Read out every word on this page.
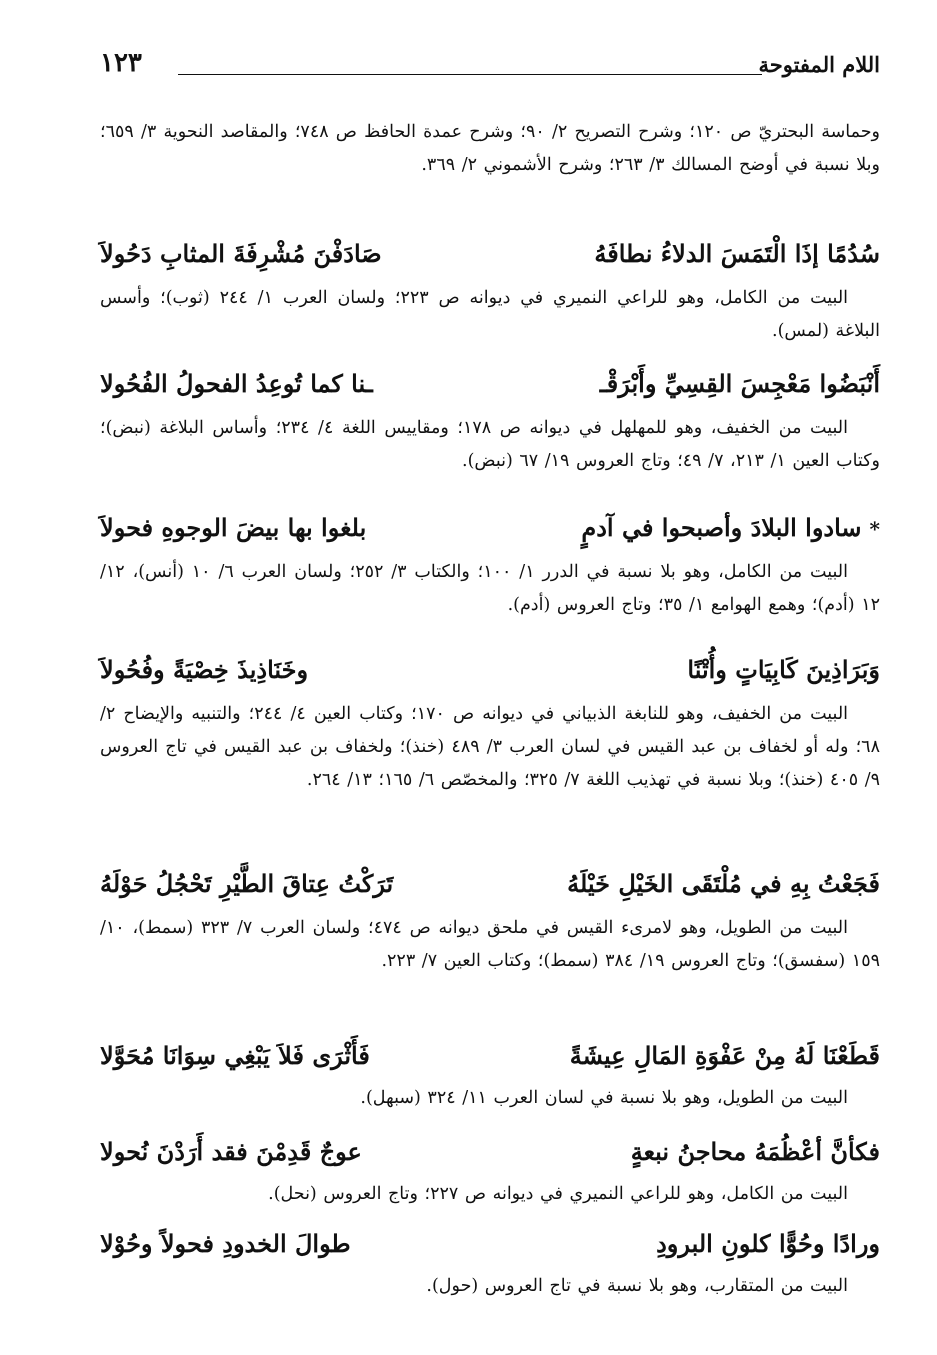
اللام المفتوحة
١٢٣

وحماسة البحتريّ ص ١٢٠؛ وشرح التصريح ٢/ ٩٠؛ وشرح عمدة الحافظ ص ٧٤٨؛ والمقاصد النحوية ٣/ ٦٥٩؛ وبلا نسبة في أوضح المسالك ٣/ ٢٦٣؛ وشرح الأشموني ٢/ ٣٦٩.

سُدُمًا إذَا الْتَمَسَ الدلاءُ نطافَهُ
صَادَفْنَ مُشْرِفَةَ المثابِ دَحُولاَ

البيت من الكامل، وهو للراعي النميري في ديوانه ص ٢٢٣؛ ولسان العرب ١/ ٢٤٤ (ثوب)؛ وأسس البلاغة (لمس).

أَنْبَضُوا مَعْجِسَ القِسِيِّ وأَبْرَقْـ
ـنا كما تُوعِدُ الفحولُ الفُحُولا

البيت من الخفيف، وهو للمهلهل في ديوانه ص ١٧٨؛ ومقاييس اللغة ٤/ ٢٣٤؛ وأساس البلاغة (نبض)؛ وكتاب العين ١/ ٢١٣، ٧/ ٤٩؛ وتاج العروس ١٩/ ٦٧ (نبض).

*سادوا البلادَ وأصبحوا في آدمٍ
بلغوا بها بيضَ الوجوهِ فحولاَ

البيت من الكامل، وهو بلا نسبة في الدرر ١/ ١٠٠؛ والكتاب ٣/ ٢٥٢؛ ولسان العرب ٦/ ١٠ (أنس)، ١٢/ ١٢ (أدم)؛ وهمع الهوامع ١/ ٣٥؛ وتاج العروس (أدم).

وَبَرَاذِينَ كَابِيَاتٍ وأُتْنًا
وخَنَاذِيذَ خِصْيَةً وفُحُولاَ

البيت من الخفيف، وهو للنابغة الذبياني في ديوانه ص ١٧٠؛ وكتاب العين ٤/ ٢٤٤؛ والتنبيه والإيضاح ٢/ ٦٨؛ وله أو لخفاف بن عبد القيس في لسان العرب ٣/ ٤٨٩ (خنذ)؛ ولخفاف بن عبد القيس في تاج العروس ٩/ ٤٠٥ (خنذ)؛ وبلا نسبة في تهذيب اللغة ٧/ ٣٢٥؛ والمخصّص ٦/ ١٦٥؛ ١٣/ ٢٦٤.

فَجَعْتُ بِهِ في مُلْتَقَى الخَيْلِ خَيْلَهُ
تَرَكْتُ عِتاقَ الطَّيْرِ تَحْجُلُ حَوْلَهُ

البيت من الطويل، وهو لامرىء القيس في ملحق ديوانه ص ٤٧٤؛ ولسان العرب ٧/ ٣٢٣ (سمط)، ١٠/ ١٥٩ (سفسق)؛ وتاج العروس ١٩/ ٣٨٤ (سمط)؛ وكتاب العين ٧/ ٢٢٣.

قَطَعْنَا لَهُ مِنْ عَفْوَةِ المَالِ عِيشَةً
فَأَثْرَى فَلاَ يَبْغِي سِوَانَا مُحَوَّلا

البيت من الطويل، وهو بلا نسبة في لسان العرب ١١/ ٣٢٤ (سبهل).

فكأنَّ أعْظُمَهُ محاجنُ نبعةٍ
عوجٌ قَدِمْنَ فقد أَرَدْنَ نُحولا

البيت من الكامل، وهو للراعي النميري في ديوانه ص ٢٢٧؛ وتاج العروس (نحل).

ورادًا وحُوًّا كلونِ البرودِ
طوالَ الخدودِ فحولاً وحُوْلا

البيت من المتقارب، وهو بلا نسبة في تاج العروس (حول).
